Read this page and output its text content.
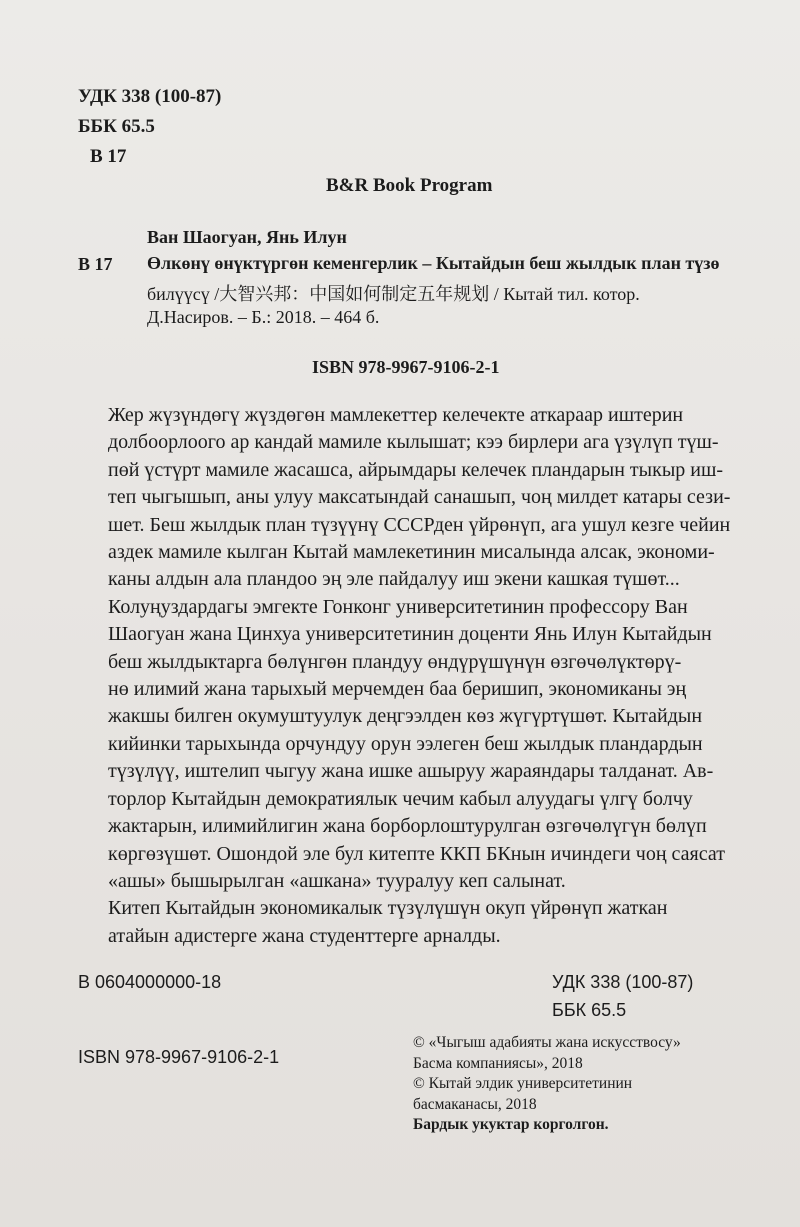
УДК 338 (100-87)
ББК 65.5
В 17
B&R Book Program
Ван Шаогуан, Янь Илун
В 17 Өлкөнү өнүктүргөн кеменгерлик – Кытайдын беш жылдык план түзө
билүүсү /大智兴邦：中国如何制定五年规划 / Кытай тил. котор.
Д.Насиров. – Б.: 2018. – 464 б.
ISBN 978-9967-9106-2-1

Жер жүзүндөгү жүздөгөн мамлекеттер келечекте аткараар иштерин
долбоорлоого ар кандай мамиле кылышат; кээ бирлери ага үзүлүп түш-
пөй үстүрт мамиле жасашса, айрымдары келечек пландарын тыкыр иш-
теп чыгышып, аны улуу максатындай санашып, чоң милдет катары сези-
шет. Беш жылдык план түзүүнү СССРден үйрөнүп, ага ушул кезге чейин
аздек мамиле кылган Кытай мамлекетинин мисалында алсак, экономи-
каны алдын ала пландоо эң эле пайдалуу иш экени кашкая түшөт...

Колуңуздардагы эмгекте Гонконг университетинин профессору Ван
Шаогуан жана Цинхуа университетинин доценти Янь Илун Кытайдын
беш жылдыктарга бөлүнгөн пландуу өндүрүшүнүн өзгөчөлүктөрү-
нө илимий жана тарыхый мерчемден баа беришип, экономиканы эң
жакшы билген окумуштуулук деңгээлден көз жүгүртүшөт. Кытайдын
кийинки тарыхында орчундуу орун ээлеген беш жылдык пландардын
түзүлүү, иштелип чыгуу жана ишке ашыруу жараяндары талданат. Ав-
торлор Кытайдын демократиялык чечим кабыл алуудагы үлгү болчу
жактарын, илимийлигин жана борборлоштурулган өзгөчөлүгүн бөлүп
көргөзүшөт. Ошондой эле бул китепте ККП БКнын ичиндеги чоң саясат
«ашы» бышырылган «ашкана» тууралуу кеп салынат.

Китеп Кытайдын экономикалык түзүлүшүн окуп үйрөнүп жаткан
атайын адистерге жана студенттерге арналды.

В 0604000000-18	УДК 338 (100-87)
ББК 65.5
ISBN 978-9967-9106-2-1
© «Чыгыш адабияты жана искусствосу»
Басма компаниясы», 2018
© Кытай элдик университетинин
басмаканасы, 2018
Бардык укуктар корголгон.
